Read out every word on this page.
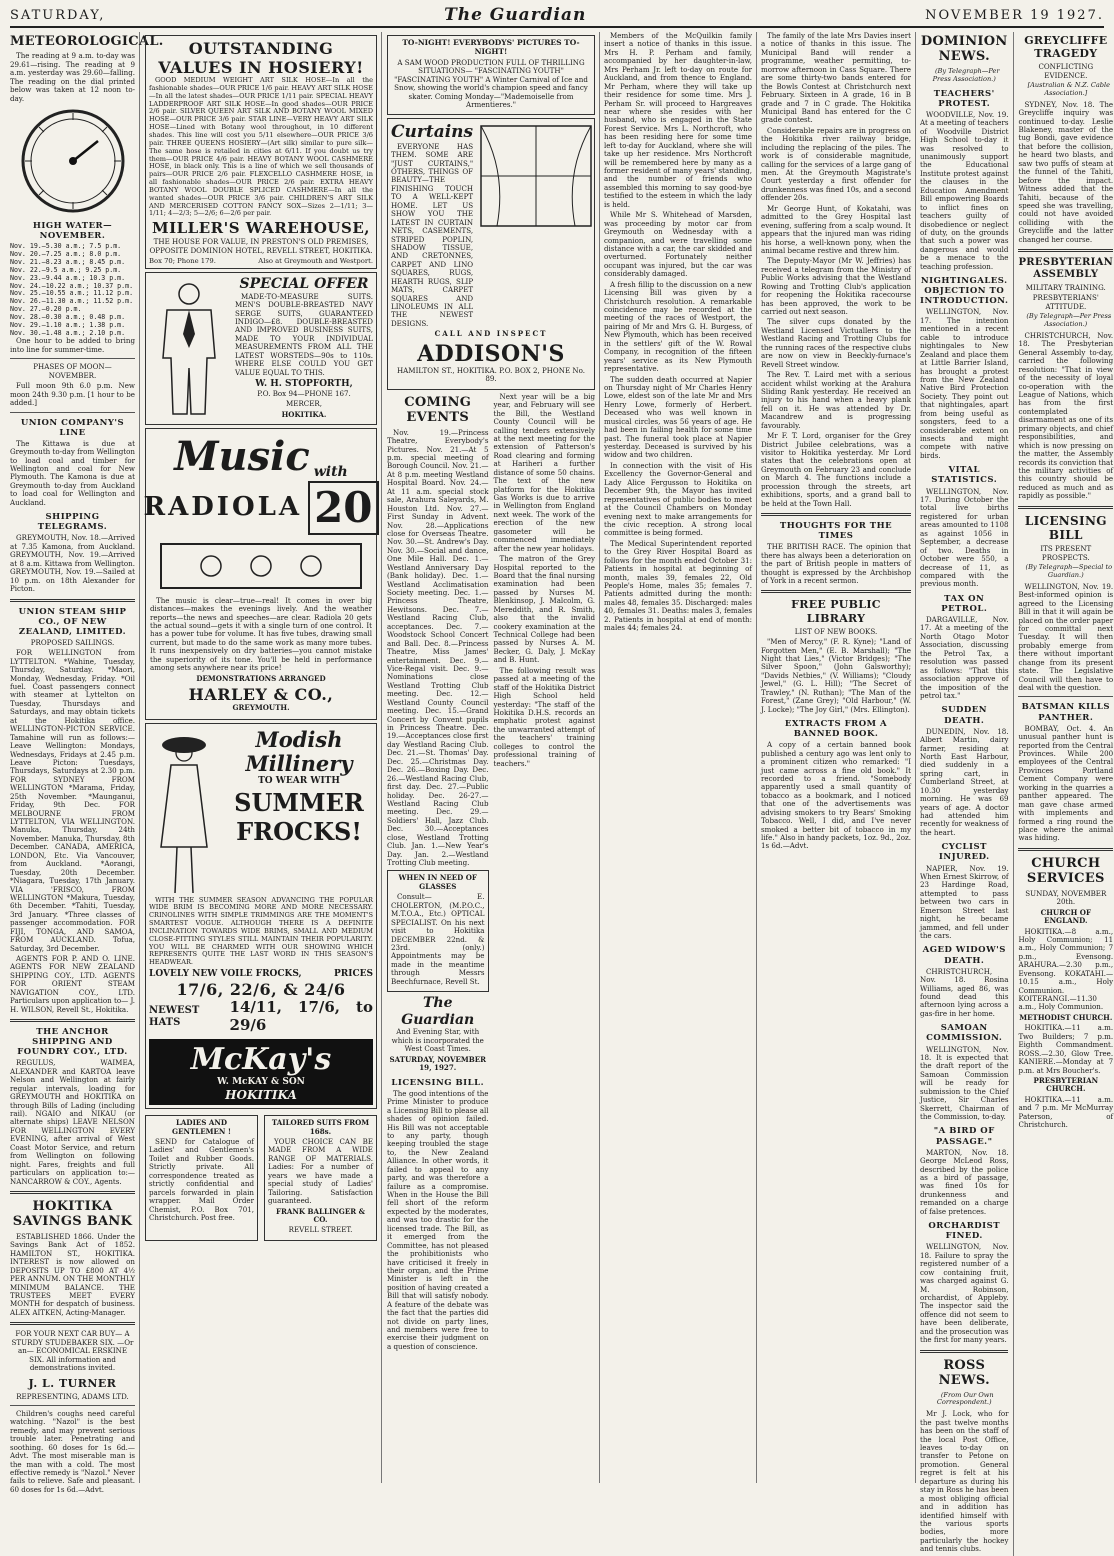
SATURDAY,	The Guardian	NOVEMBER 19 1927.
METEOROLOGICAL.

The reading at 9 a.m. to-day was 29.61—rising. The reading at 9 a.m. yesterday was 29.60—falling. The reading on the dial printed below was taken at 12 noon to-day.

HIGH WATER—NOVEMBER.
Nov. 19.—5.30 a.m.; 7.5 p.m.
Nov. 20.—7.25 a.m.; 8.0 p.m.
Nov. 21.—8.23 a.m.; 8.45 p.m.
Nov. 22.—9.5 a.m.; 9.25 p.m.
Nov. 23.—9.44 a.m.; 10.3 p.m.
Nov. 24.—10.22 a.m.; 10.37 p.m.
Nov. 25.—10.55 a.m.; 11.12 p.m.
Nov. 26.—11.30 a.m.; 11.52 p.m.
Nov. 27.—0.20 p.m.
Nov. 28.—0.30 a.m.; 0.48 p.m.
Nov. 29.—1.10 a.m.; 1.38 p.m.
Nov. 30.—1.48 a.m.; 2.10 p.m.

One hour to be added to bring into line for summer-time.

PHASES OF MOON—NOVEMBER.

Full moon 9th 6.0 p.m. New moon 24th 9.30 p.m. [1 hour to be added.]

UNION COMPANY'S LINE

The Kittawa is due at Greymouth to-day from Wellington to load coal and timber for Wellington and coal for New Plymouth. The Kamona is due at Greymouth to-day from Auckland to load coal for Wellington and Auckland.

SHIPPING TELEGRAMS.

GREYMOUTH, Nov. 18.—Arrived at 7.35 Kamona, from Auckland. GREYMOUTH, Nov. 19.—Arrived at 8 a.m. Kittawa from Wellington. GREYMOUTH, Nov. 19.—Sailed at 10 p.m. on 18th Alexander for Picton.

UNION STEAM SHIP CO., OF NEW ZEALAND, LIMITED.

PROPOSED SAILINGS.

FOR WELLINGTON from LYTTELTON. *Wahine, Tuesday, Thursday, Saturday. *Maori, Monday, Wednesday, Friday. *Oil fuel. Coast passengers connect with steamer at Lyttelton on Tuesday, Thursdays and Saturdays, and may obtain tickets at the Hokitika office. WELLINGTON-PICTON SERVICE. Tamahine will run as follows:— Leave Wellington: Mondays, Wednesdays, Fridays at 2.45 p.m. Leave Picton: Tuesdays, Thursdays, Saturdays at 2.30 p.m. FOR SYDNEY FROM WELLINGTON *Marama, Friday, 25th November. *Maunganui, Friday, 9th Dec. FOR MELBOURNE FROM LYTTELTON, VIA WELLINGTON. Manuka, Thursday, 24th November. Manuka, Thursday, 8th December. CANADA, AMERICA, LONDON, Etc. Via Vancouver, from Auckland. *Aorangi, Tuesday, 20th December. *Niagara, Tuesday, 17th January. VIA 'FRISCO, FROM WELLINGTON *Makura, Tuesday, 6th December. *Tahiti, Tuesday, 3rd January. *Three classes of passenger accommodation. FOR FIJI, TONGA, AND SAMOA, FROM AUCKLAND. Tofua, Saturday, 3rd December.

AGENTS FOR P. AND O. LINE. AGENTS FOR NEW ZEALAND SHIPPING COY., LTD. AGENTS FOR ORIENT STEAM NAVIGATION COY., LTD. Particulars upon application to— J. H. WILSON, Revell St., Hokitika.

THE ANCHOR SHIPPING AND FOUNDRY COY., LTD.

REGULUS, WAIMEA, ALEXANDER and KARTOA leave Nelson and Wellington at fairly regular intervals, loading for GREYMOUTH and HOKITIKA on through Bills of Lading (including rail). NGAIO and NIKAU (or alternate ships) LEAVE NELSON FOR WELLINGTON EVERY EVENING, after arrival of West Coast Motor Service, and return from Wellington on following night. Fares, freights and full particulars on application to:— NANCARROW & COY., Agents.

HOKITIKA SAVINGS BANK

ESTABLISHED 1866. Under the Savings Bank Act of 1852. HAMILTON ST., HOKITIKA. INTEREST is now allowed on DEPOSITS UP TO £800 AT 4½ PER ANNUM. ON THE MONTHLY MINIMUM BALANCE. THE TRUSTEES MEET EVERY MONTH for despatch of business. ALEX AITKEN, Acting-Manager.

FOR YOUR NEXT CAR BUY— A STURDY STUDEBAKER SIX. —Or an— ECONOMICAL ERSKINE SIX. All information and demonstrations invited.

J. L. TURNER

REPRESENTING, ADAMS LTD.

Children's coughs need careful watching. "Nazol" is the best remedy, and may prevent serious trouble later. Penetrating and soothing. 60 doses for 1s 6d.—Advt. The most miserable man is the man with a cold. The most effective remedy is "Nazol." Never fails to relieve. Safe and pleasant. 60 doses for 1s 6d.—Advt.

OUTSTANDING VALUES IN HOSIERY!

GOOD MEDIUM WEIGHT ART SILK HOSE—In all the fashionable shades—OUR PRICE 1/6 pair. HEAVY ART SILK HOSE—In all the latest shades—OUR PRICE 1/11 pair. SPECIAL HEAVY LADDERPROOF ART SILK HOSE—In good shades—OUR PRICE 2/6 pair. SILVER QUEEN ART SILK AND BOTANY WOOL MIXED HOSE—OUR PRICE 3/6 pair. STAR LINE—VERY HEAVY ART SILK HOSE—Lined with Botany wool throughout, in 10 different shades. This line will cost you 5/11 elsewhere—OUR PRICE 3/6 pair. THREE QUEENS HOSIERY—(Art silk) similar to pure silk—The same hose is retailed in cities at 6/11. If you doubt us try them—OUR PRICE 4/6 pair. HEAVY BOTANY WOOL CASHMERE HOSE, in black only. This is a line of which we sell thousands of pairs—OUR PRICE 2/6 pair. FLEXCELLO CASHMERE HOSE, in all fashionable shades—OUR PRICE 2/6 pair. EXTRA HEAVY BOTANY WOOL DOUBLE SPLICED CASHMERE—In all the wanted shades—OUR PRICE 3/6 pair. CHILDREN'S ART SILK AND MERCERISED COTTON FANCY SOX—Sizes 2—1/11; 3—1/11; 4—2/3; 5—2/6; 6—2/6 per pair.

MILLER'S WAREHOUSE,

THE HOUSE FOR VALUE, IN PRESTON'S OLD PREMISES, OPPOSITE DOMINION HOTEL, REVELL STREET, HOKITIKA.

Box 70; Phone 179.	Also at Greymouth and Westport.
SPECIAL OFFER

MADE-TO-MEASURE SUITS. MEN'S DOUBLE-BREASTED NAVY SERGE SUITS, GUARANTEED INDIGO—£8. DOUBLE-BREASTED AND IMPROVED BUSINESS SUITS, MADE TO YOUR INDIVIDUAL MEASUREMENTS FROM ALL THE LATEST WORSTEDS—90s to 110s. WHERE ELSE COULD YOU GET VALUE EQUAL TO THIS.

W. H. STOPFORTH,

P.O. Box 94—PHONE 167.

MERCER,

HOKITIKA.

Music with
RADIOLA 20

The music is clear—true—real! It comes in over big distances—makes the evenings lively. And the weather reports—the news and speeches—are clear. Radiola 20 gets the actual sound—gets it with a single turn of one control. It has a power tube for volume. It has five tubes, drawing small current, but made to do the same work as many more tubes. It runs inexpensively on dry batteries—you cannot mistake the superiority of its tone. You'll be held in performance among sets anywhere near its price!

DEMONSTRATIONS ARRANGED

HARLEY & CO.,

GREYMOUTH.

Modish Millinery

TO WEAR WITH

SUMMER
FROCKS!

WITH THE SUMMER SEASON ADVANCING THE POPULAR WIDE BRIM IS BECOMING MORE AND MORE NECESSARY. CRINOLINES WITH SIMPLE TRIMMINGS ARE THE MOMENT'S SMARTEST VOGUE. ALTHOUGH THERE IS A DEFINITE INCLINATION TOWARDS WIDE BRIMS, SMALL AND MEDIUM CLOSE-FITTING STYLES STILL MAINTAIN THEIR POPULARITY. YOU WILL BE CHARMED WITH OUR SHOWING WHICH REPRESENTS QUITE THE LAST WORD IN THIS SEASON'S HEADWEAR.

LOVELY NEW VOILE FROCKS,	PRICES
17/6, 22/6, & 24/6
NEWEST HATS
14/11, 17/6, to 29/6
McKay's
W. McKAY & SON
HOKITIKA

LADIES AND GENTLEMEN !

SEND for Catalogue of Ladies' and Gentlemen's Toilet and Rubber Goods. Strictly private. All correspondence treated as strictly confidential and parcels forwarded in plain wrapper. Mail Order Chemist, P.O. Box 701, Christchurch. Post free.

TAILORED SUITS FROM 168s.

YOUR CHOICE CAN BE MADE FROM A WIDE RANGE OF MATERIALS. Ladies: For a number of years we have made a special study of Ladies' Tailoring. Satisfaction guaranteed.

FRANK BALLINGER & CO.

REVELL STREET.

TO-NIGHT! EVERYBODYS' PICTURES TO-NIGHT!

A SAM WOOD PRODUCTION FULL OF THRILLING SITUATIONS— "FASCINATING YOUTH" "FASCINATING YOUTH" A Winter Carnival of Ice and Snow, showing the world's champion speed and fancy skater. Coming Monday—"Mademoiselle from Armentieres."

Curtains

EVERYONE HAS THEM. SOME ARE "JUST CURTAINS," OTHERS, THINGS OF BEAUTY—THE FINISHING TOUCH TO A WELL-KEPT HOME. LET US SHOW YOU THE LATEST IN CURTAIN NETS, CASEMENTS, STRIPED POPLIN, SHADOW TISSUE, AND CRETONNES, CARPET AND LINO SQUARES, RUGS, HEARTH RUGS, SLIP MATS, CARPET SQUARES AND LINOLEUMS IN ALL THE NEWEST DESIGNS.

CALL AND INSPECT

ADDISON'S

HAMILTON ST., HOKITIKA. P.O. BOX 2, PHONE No. 89.

COMING EVENTS

Nov. 19.—Princess Theatre, Everybody's Pictures. Nov. 21.—At 5 p.m. special meeting of Borough Council. Nov. 21.—At 8 p.m. meeting Westland Hospital Board. Nov. 24.—At 11 a.m. special stock sale, Arahura Saleyards, M. Houston Ltd. Nov. 27.—First Sunday in Advent. Nov. 28.—Applications close for Overseas Theatre. Nov. 30.—St. Andrew's Day. Nov. 30.—Social and dance, One Mile Hall. Dec. 1.—Westland Anniversary Day (Bank holiday). Dec. 1.—Westland Acclimatisation Society meeting. Dec. 1.—Princess Theatre, Hewitsons. Dec. 7.—Westland Racing Club, acceptances. Dec. 7.—Woodstock School Concert and Ball. Dec. 8.—Princess Theatre, Miss James' entertainment. Dec. 9.—Vice-Regal visit. Dec. 9.—Nominations close Westland Trotting Club meeting. Dec. 12.—Westland County Council meeting. Dec. 15.—Grand Concert by Convent pupils in Princess Theatre. Dec. 19.—Acceptances close first day Westland Racing Club. Dec. 21.—St. Thomas' Day. Dec. 25.—Christmas Day. Dec. 26.—Boxing Day. Dec. 26.—Westland Racing Club, first day. Dec. 27.—Public holiday. Dec. 26-27.—Westland Racing Club meeting. Dec. 29.—Soldiers' Hall, Jazz Club. Dec. 30.—Acceptances close, Westland Trotting Club. Jan. 1.—New Year's Day. Jan. 2.—Westland Trotting Club meeting.

WHEN IN NEED OF GLASSES

Consult— E. CHOLERTON, (M.P.O.C., M.T.O.A., Etc.) OPTICAL SPECIALIST. On his next visit to Hokitika DECEMBER 22nd. & 23rd. (only.) Appointments may be made in the meantime through Messrs Beechfurnace, Revell St.

The Guardian

And Evening Star, with which is incorporated the West Coast Times.

SATURDAY, NOVEMBER 19, 1927.

LICENSING BILL.

The good intentions of the Prime Minister to produce a Licensing Bill to please all shades of opinion failed. His Bill was not acceptable to any party, though keeping troubled the stage to, the New Zealand Alliance. In other words, it failed to appeal to any party, and was therefore a failure as a compromise. When in the House the Bill fell short of the reform expected by the moderates, and was too drastic for the licensed trade. The Bill, as it emerged from the Committee, has not pleased the prohibitionists who have criticised it freely in their organ, and the Prime Minister is left in the position of having created a Bill that will satisfy nobody. A feature of the debate was the fact that the parties did not divide on party lines, and members were free to exercise their judgment on a question of conscience.

Next year will be a big year, and February will see the Bill, the Westland County Council will be calling tenders extensively at the next meeting for the extension of Patterson's Road clearing and forming at Hariheri a further distance of some 50 chains. The text of the new platform for the Hokitika Gas Works is due to arrive in Wellington from England next week. The work of the erection of the new gasometer will be commenced immediately after the new year holidays.

The matron of the Grey Hospital reported to the Board that the final nursing examination had been passed by Nurses M. Blenkinsop, J. Malcolm, G. Mereddith, and R. Smith, also that the invalid cookery examination at the Technical College had been passed by Nurses A. M. Becker, G. Daly, J. McKay and B. Hunt.

The following result was passed at a meeting of the staff of the Hokitika District High School held yesterday: "The staff of the Hokitika D.H.S. records an emphatic protest against the unwarranted attempt of the teachers' training colleges to control the professional training of teachers."

Members of the McQuilkin family insert a notice of thanks in this issue. Mrs H. P. Perham and family, accompanied by her daughter-in-law, Mrs Perham Jr. left to-day on route for Auckland, and from thence to England. Mr Perham, where they will take up their residence for some time. Mrs J. Perham Sr. will proceed to Hargreaves near where she resides with her husband, who is engaged in the State Forest Service. Mrs L. Northcroft, who has been residing here for some time left to-day for Auckland, where she will take up her residence. Mrs Northcroft will be remembered here by many as a former resident of many years' standing, and the number of friends who assembled this morning to say good-bye testified to the esteem in which the lady is held.

While Mr S. Whitehead of Marsden, was proceeding by motor car from Greymouth on Wednesday with a companion, and were travelling some distance with a car, the car skidded and overturned. Fortunately neither occupant was injured, but the car was considerably damaged.

A fresh fillip to the discussion on a new Licensing Bill was given by a Christchurch resolution. A remarkable coincidence may be recorded at the meeting of the races of Westport, the pairing of Mr and Mrs G. H. Burgess, of New Plymouth, which has been received in the settlers' gift of the W. Rowal Company, in recognition of the fifteen years' service as its New Plymouth representative.

The sudden death occurred at Napier on Thursday night of Mr Charles Henry Lowe, eldest son of the late Mr and Mrs Henry Lowe, formerly of Herbert. Deceased who was well known in musical circles, was 56 years of age. He had been in failing health for some time past. The funeral took place at Napier yesterday. Deceased is survived by his widow and two children.

In connection with the visit of His Excellency the Governor-General and Lady Alice Fergusson to Hokitika on December 9th, the Mayor has invited representatives of public bodies to meet at the Council Chambers on Monday evening next to make arrangements for the civic reception. A strong local committee is being formed.

The Medical Superintendent reported to the Grey River Hospital Board as follows for the month ended October 31: Patients in hospital at beginning of month, males 39, females 22, Old People's Home, males 35; females 7. Patients admitted during the month: males 48, females 35. Discharged: males 40, females 31. Deaths: males 3, females 2. Patients in hospital at end of month: males 44; females 24.

The family of the late Mrs Davies insert a notice of thanks in this issue. The Municipal Band will render a programme, weather permitting, to-morrow afternoon in Cass Square. There are some thirty-two bands entered for the Bowls Contest at Christchurch next February. Sixteen in A grade, 16 in B grade and 7 in C grade. The Hokitika Municipal Band has entered for the C grade contest.

Considerable repairs are in progress on the Hokitika river railway bridge, including the replacing of the piles. The work is of considerable magnitude, calling for the services of a large gang of men. At the Greymouth Magistrate's Court yesterday a first offender for drunkenness was fined 10s, and a second offender 20s.

Mr George Hunt, of Kokatahi, was admitted to the Grey Hospital last evening, suffering from a scalp wound. It appears that the injured man was riding his horse, a well-known pony, when the animal became restive and threw him.

The Deputy-Mayor (Mr W. Jeffries) has received a telegram from the Ministry of Public Works advising that the Westland Rowing and Trotting Club's application for reopening the Hokitika racecourse has been approved, the work to be carried out next season.

The silver cups donated by the Westland Licensed Victuallers to the Westland Racing and Trotting Clubs for the running races of the respective clubs are now on view in Beeckly-furnace's Revell Street window.

The Rev. T. Laird met with a serious accident whilst working at the Arahura Sliding Rank yesterday. He received an injury to his hand when a heavy plank fell on it. He was attended by Dr. Macandrew and is progressing favourably.

Mr F. T. Lord, organiser for the Grey District Jubilee celebrations, was a visitor to Hokitika yesterday. Mr Lord states that the celebrations open at Greymouth on February 23 and conclude on March 4. The functions include a procession through the streets, art exhibitions, sports, and a grand ball to be held at the Town Hall.

THOUGHTS FOR THE TIMES

THE BRITISH RACE. The opinion that there has always been a deterioration on the part of British people in matters of thought is expressed by the Archbishop of York in a recent sermon.

FREE PUBLIC LIBRARY

LIST OF NEW BOOKS.

"Men of Mercy," (F. R. Kyne); "Land of Forgotten Men," (E. B. Marshall); "The Night that Lies," (Victor Bridges); "The Silver Spoon," (John Galsworthy); "Davids Netbies," (V. Williams); "Cloudy Jewel," (G. L. Hill); "The Secret of Trawley," (N. Ruthan); "The Man of the Forest," (Zane Grey); "Old Harbour," (W. J. Locke); "The Joy Girl," (Mrs. Ellington).

EXTRACTS FROM A BANNED BOOK.

A copy of a certain banned book published a century ago was lent only to a prominent citizen who remarked: "I just came across a fine old book." It recorded to a friend. "Somebody apparently used a small quantity of tobacco as a bookmark, and I noticed that one of the advertisements was advising smokers to try Bears' Smoking Tobacco. Well, I did, and I've never smoked a better bit of tobacco in my life." Also in handy packets, 1oz. 9d., 2oz. 1s 6d.—Advt.

DOMINION NEWS.

(By Telegraph—Per Press Association.)

TEACHERS' PROTEST.

WOODVILLE, Nov. 19. At a meeting of teachers of Woodville District High School to-day it was resolved to unanimously support the Educational Institute protest against the clauses in the Education Amendment Bill empowering Boards to inflict fines on teachers guilty of disobedience or neglect of duty, on the grounds that such a power was dangerous and would be a menace to the teaching profession.

NIGHTINGALES. OBJECTION TO INTRODUCTION.

WELLINGTON, Nov. 17. The intention mentioned in a recent cable to introduce nightingales to New Zealand and place them at Little Barrier Island, has brought a protest from the New Zealand Native Bird Protection Society. They point out that nightingales, apart from being useful as songsters, feed to a considerable extent on insects and might compete with native birds.

VITAL STATISTICS.

WELLINGTON, Nov. 17. During October the total live births registered for urban areas amounted to 1108 as against 1056 in September, a decrease of two. Deaths in October were 550, a decrease of 11, as compared with the previous month.

TAX ON PETROL.

DARGAVILLE, Nov. 17. At a meeting of the North Otago Motor Association, discussing the Petrol Tax, a resolution was passed as follows: "That this association approve of the imposition of the petrol tax."

SUDDEN DEATH.

DUNEDIN, Nov. 18. Albert Martin, dairy farmer, residing at North East Harbour, died suddenly in a spring cart, in Cumberland Street, at 10.30 yesterday morning. He was 69 years of age. A doctor had attended him recently for weakness of the heart.

CYCLIST INJURED.

NAPIER, Nov. 19. When Ernest Skirrow, of 23 Hardinge Road, attempted to pass between two cars in Emerson Street last night, he became jammed, and fell under the cars.

AGED WIDOW'S DEATH.

CHRISTCHURCH, Nov. 18. Rosina Williams, aged 86, was found dead this afternoon lying across a gas-fire in her home.

SAMOAN COMMISSION.

WELLINGTON, Nov. 18. It is expected that the draft report of the Samoan Commission will be ready for submission to the Chief Justice, Sir Charles Skerrett, Chairman of the Commission, to-day.

"A BIRD OF PASSAGE."

MARTON, Nov. 18. George McLeod Ross, described by the police as a bird of passage, was fined 10s for drunkenness and remanded on a charge of false pretences.

ORCHARDIST FINED.

WELLINGTON, Nov. 18. Failure to spray the registered number of a cow containing fruit, was charged against G. M. Robinson, orchardist, of Appleby. The inspector said the offence did not seem to have been deliberate, and the prosecution was the first for many years.

ROSS NEWS.

(From Our Own Correspondent.)

Mr J. Lock, who for the past twelve months has been on the staff of the local Post Office, leaves to-day on transfer to Petone on promotion. General regret is felt at his departure as during his stay in Ross he has been a most obliging official and in addition has identified himself with the various sports bodies, more particularly the hockey and tennis clubs.

GREYCLIFFE TRAGEDY

CONFLICTING EVIDENCE.

[Australian & N.Z. Cable Association.]

SYDNEY, Nov. 18. The Greycliffe inquiry was continued to-day. Leslie Blakeney, master of the tug Bondi, gave evidence that before the collision, he heard two blasts, and saw two puffs of steam at the funnel of the Tahiti, before the impact. Witness added that the Tahiti, because of the speed she was travelling, could not have avoided colliding with the Greycliffe and the latter changed her course.

PRESBYTERIAN ASSEMBLY

MILITARY TRAINING.

PRESBYTERIANS' ATTITUDE.

(By Telegraph—Per Press Association.)

CHRISTCHURCH, Nov. 18. The Presbyterian General Assembly to-day, carried the following resolution: "That in view of the necessity of loyal co-operation with the League of Nations, which has from the first contemplated disarmament as one of its primary objects, and chief responsibilities, and which is now pressing on the matter, the Assembly records its conviction that the military activities of this country should be reduced as much and as rapidly as possible."

LICENSING BILL

ITS PRESENT PROSPECTS.

(By Telegraph—Special to Guardian.)

WELLINGTON, Nov. 19. Best-informed opinion is agreed to the Licensing Bill in that it will again be placed on the order paper for committal next Tuesday. It will then probably emerge from there without important change from its present state. The Legislative Council will then have to deal with the question.

BATSMAN KILLS PANTHER.

BOMBAY, Oct. 4. An unusual panther hunt is reported from the Central Provinces. While 200 employees of the Central Provinces Portland Cement Company were working in the quarries a panther appeared. The man gave chase armed with implements and formed a ring round the place where the animal was hiding.

CHURCH SERVICES

SUNDAY, NOVEMBER 20th.

CHURCH OF ENGLAND.

HOKITIKA.—8 a.m., Holy Communion; 11 a.m., Holy Communion; 7 p.m., Evensong. ARAHURA.—2.30 p.m., Evensong. KOKATAHI.—10.15 a.m., Holy Communion. KOITERANGI.—11.30 a.m., Holy Communion.

METHODIST CHURCH.

HOKITIKA.—11 a.m. Two Builders; 7 p.m. Eighth Commandment. ROSS.—2.30, Glow Tree. KANIERE.—Monday at 7 p.m. at Mrs Boucher's.

PRESBYTERIAN CHURCH.

HOKITIKA.—11 a.m. and 7 p.m. Mr McMurray Paterson, of Christchurch.
